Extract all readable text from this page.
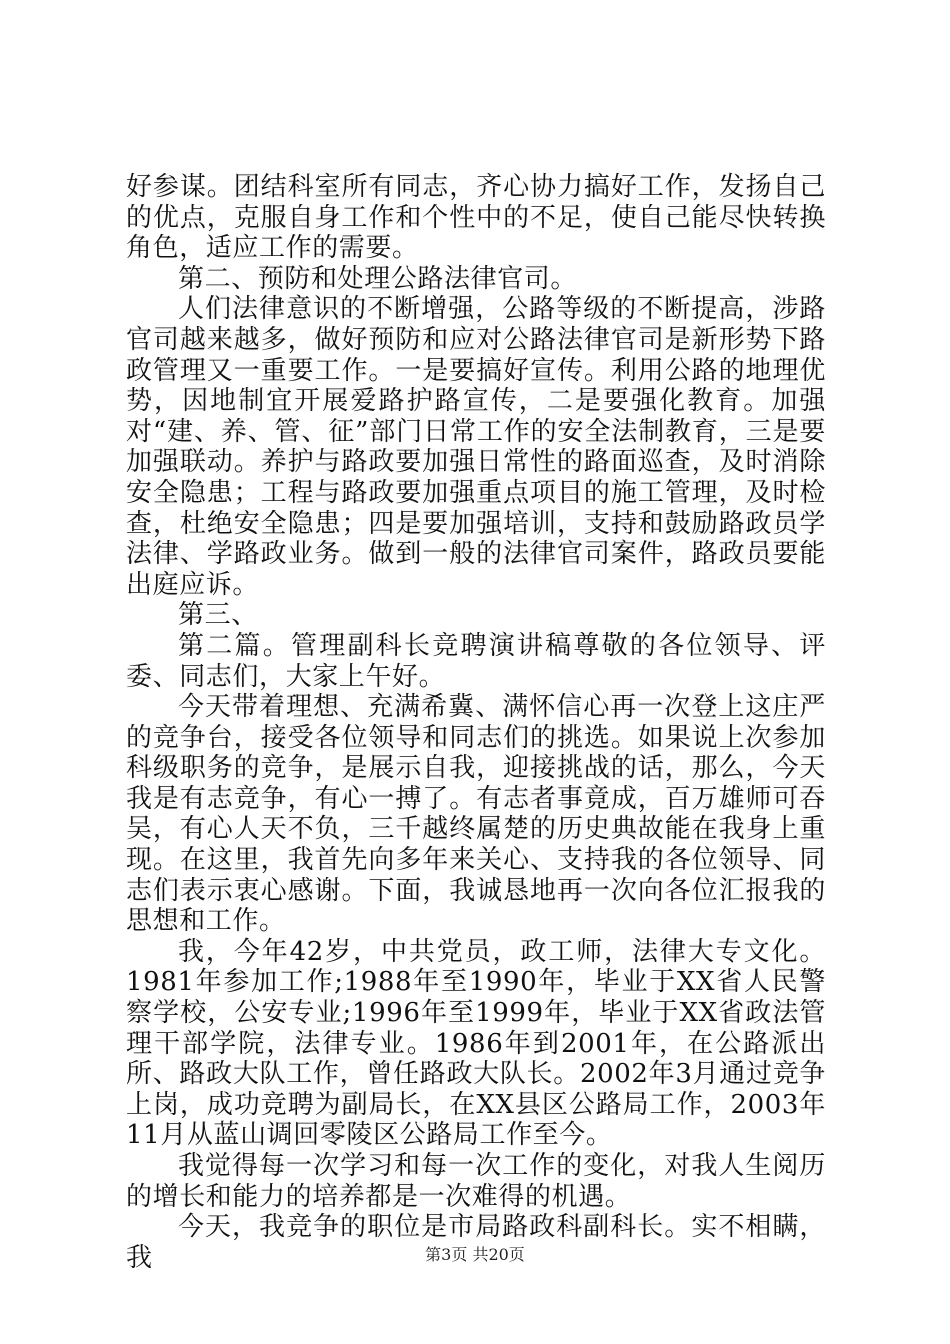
好参谋。团结科室所有同志，齐心协力搞好工作，发扬自己的优点，克服自身工作和个性中的不足，使自己能尽快转换角色，适应工作的需要。

第二、预防和处理公路法律官司。

人们法律意识的不断增强，公路等级的不断提高，涉路官司越来越多，做好预防和应对公路法律官司是新形势下路政管理又一重要工作。一是要搞好宣传。利用公路的地理优势，因地制宜开展爱路护路宣传，二是要强化教育。加强对“建、养、管、征”部门日常工作的安全法制教育，三是要加强联动。养护与路政要加强日常性的路面巡查，及时消除安全隐患；工程与路政要加强重点项目的施工管理，及时检查，杜绝安全隐患；四是要加强培训，支持和鼓励路政员学法律、学路政业务。做到一般的法律官司案件，路政员要能出庭应诉。

第三、

第二篇。管理副科长竞聘演讲稿尊敬的各位领导、评委、同志们，大家上午好。

今天带着理想、充满希冀、满怀信心再一次登上这庄严的竞争台，接受各位领导和同志们的挑选。如果说上次参加科级职务的竞争，是展示自我，迎接挑战的话，那么，今天我是有志竞争，有心一搏了。有志者事竟成，百万雄师可吞吴，有心人天不负，三千越终属楚的历史典故能在我身上重现。在这里，我首先向多年来关心、支持我的各位领导、同志们表示衷心感谢。下面，我诚恳地再一次向各位汇报我的思想和工作。

我，今年42岁，中共党员，政工师，法律大专文化。1981年参加工作;1988年至1990年，毕业于XX省人民警察学校，公安专业;1996年至1999年，毕业于XX省政法管理干部学院，法律专业。1986年到2001年，在公路派出所、路政大队工作，曾任路政大队长。2002年3月通过竞争上岗，成功竞聘为副局长，在XX县区公路局工作，2003年11月从蓝山调回零陵区公路局工作至今。

我觉得每一次学习和每一次工作的变化，对我人生阅历的增长和能力的培养都是一次难得的机遇。

今天，我竞争的职位是市局路政科副科长。实不相瞒，我	第3页 共20页
